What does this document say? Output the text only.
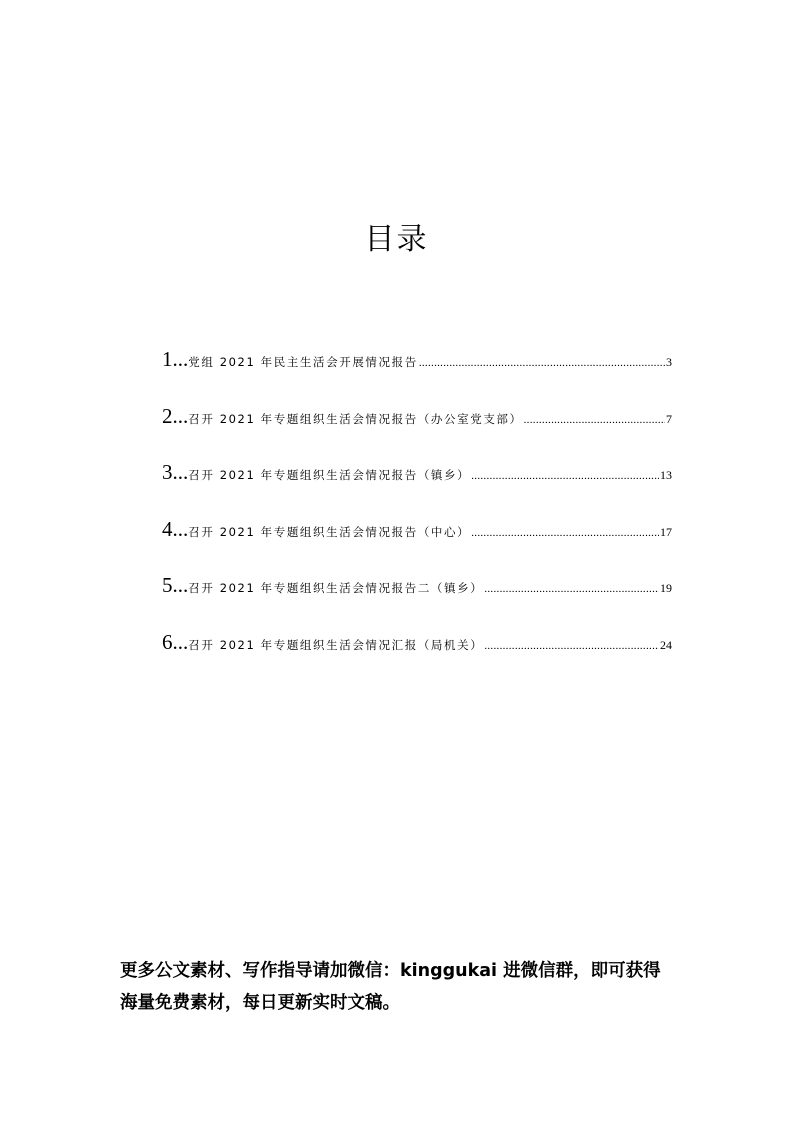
目录
1... 党组 2021 年民主生活会开展情况报告 .....	3
2... 召开 2021 年专题组织生活会情况报告（办公室党支部） .....	7
3... 召开 2021 年专题组织生活会情况报告（镇乡） .....	13
4... 召开 2021 年专题组织生活会情况报告（中心） .....	17
5... 召开 2021 年专题组织生活会情况报告二（镇乡） .....	19
6... 召开 2021 年专题组织生活会情况汇报（局机关） .....	24
更多公文素材、写作指导请加微信：kinggukai 进微信群，即可获得
海量免费素材，每日更新实时文稿。
